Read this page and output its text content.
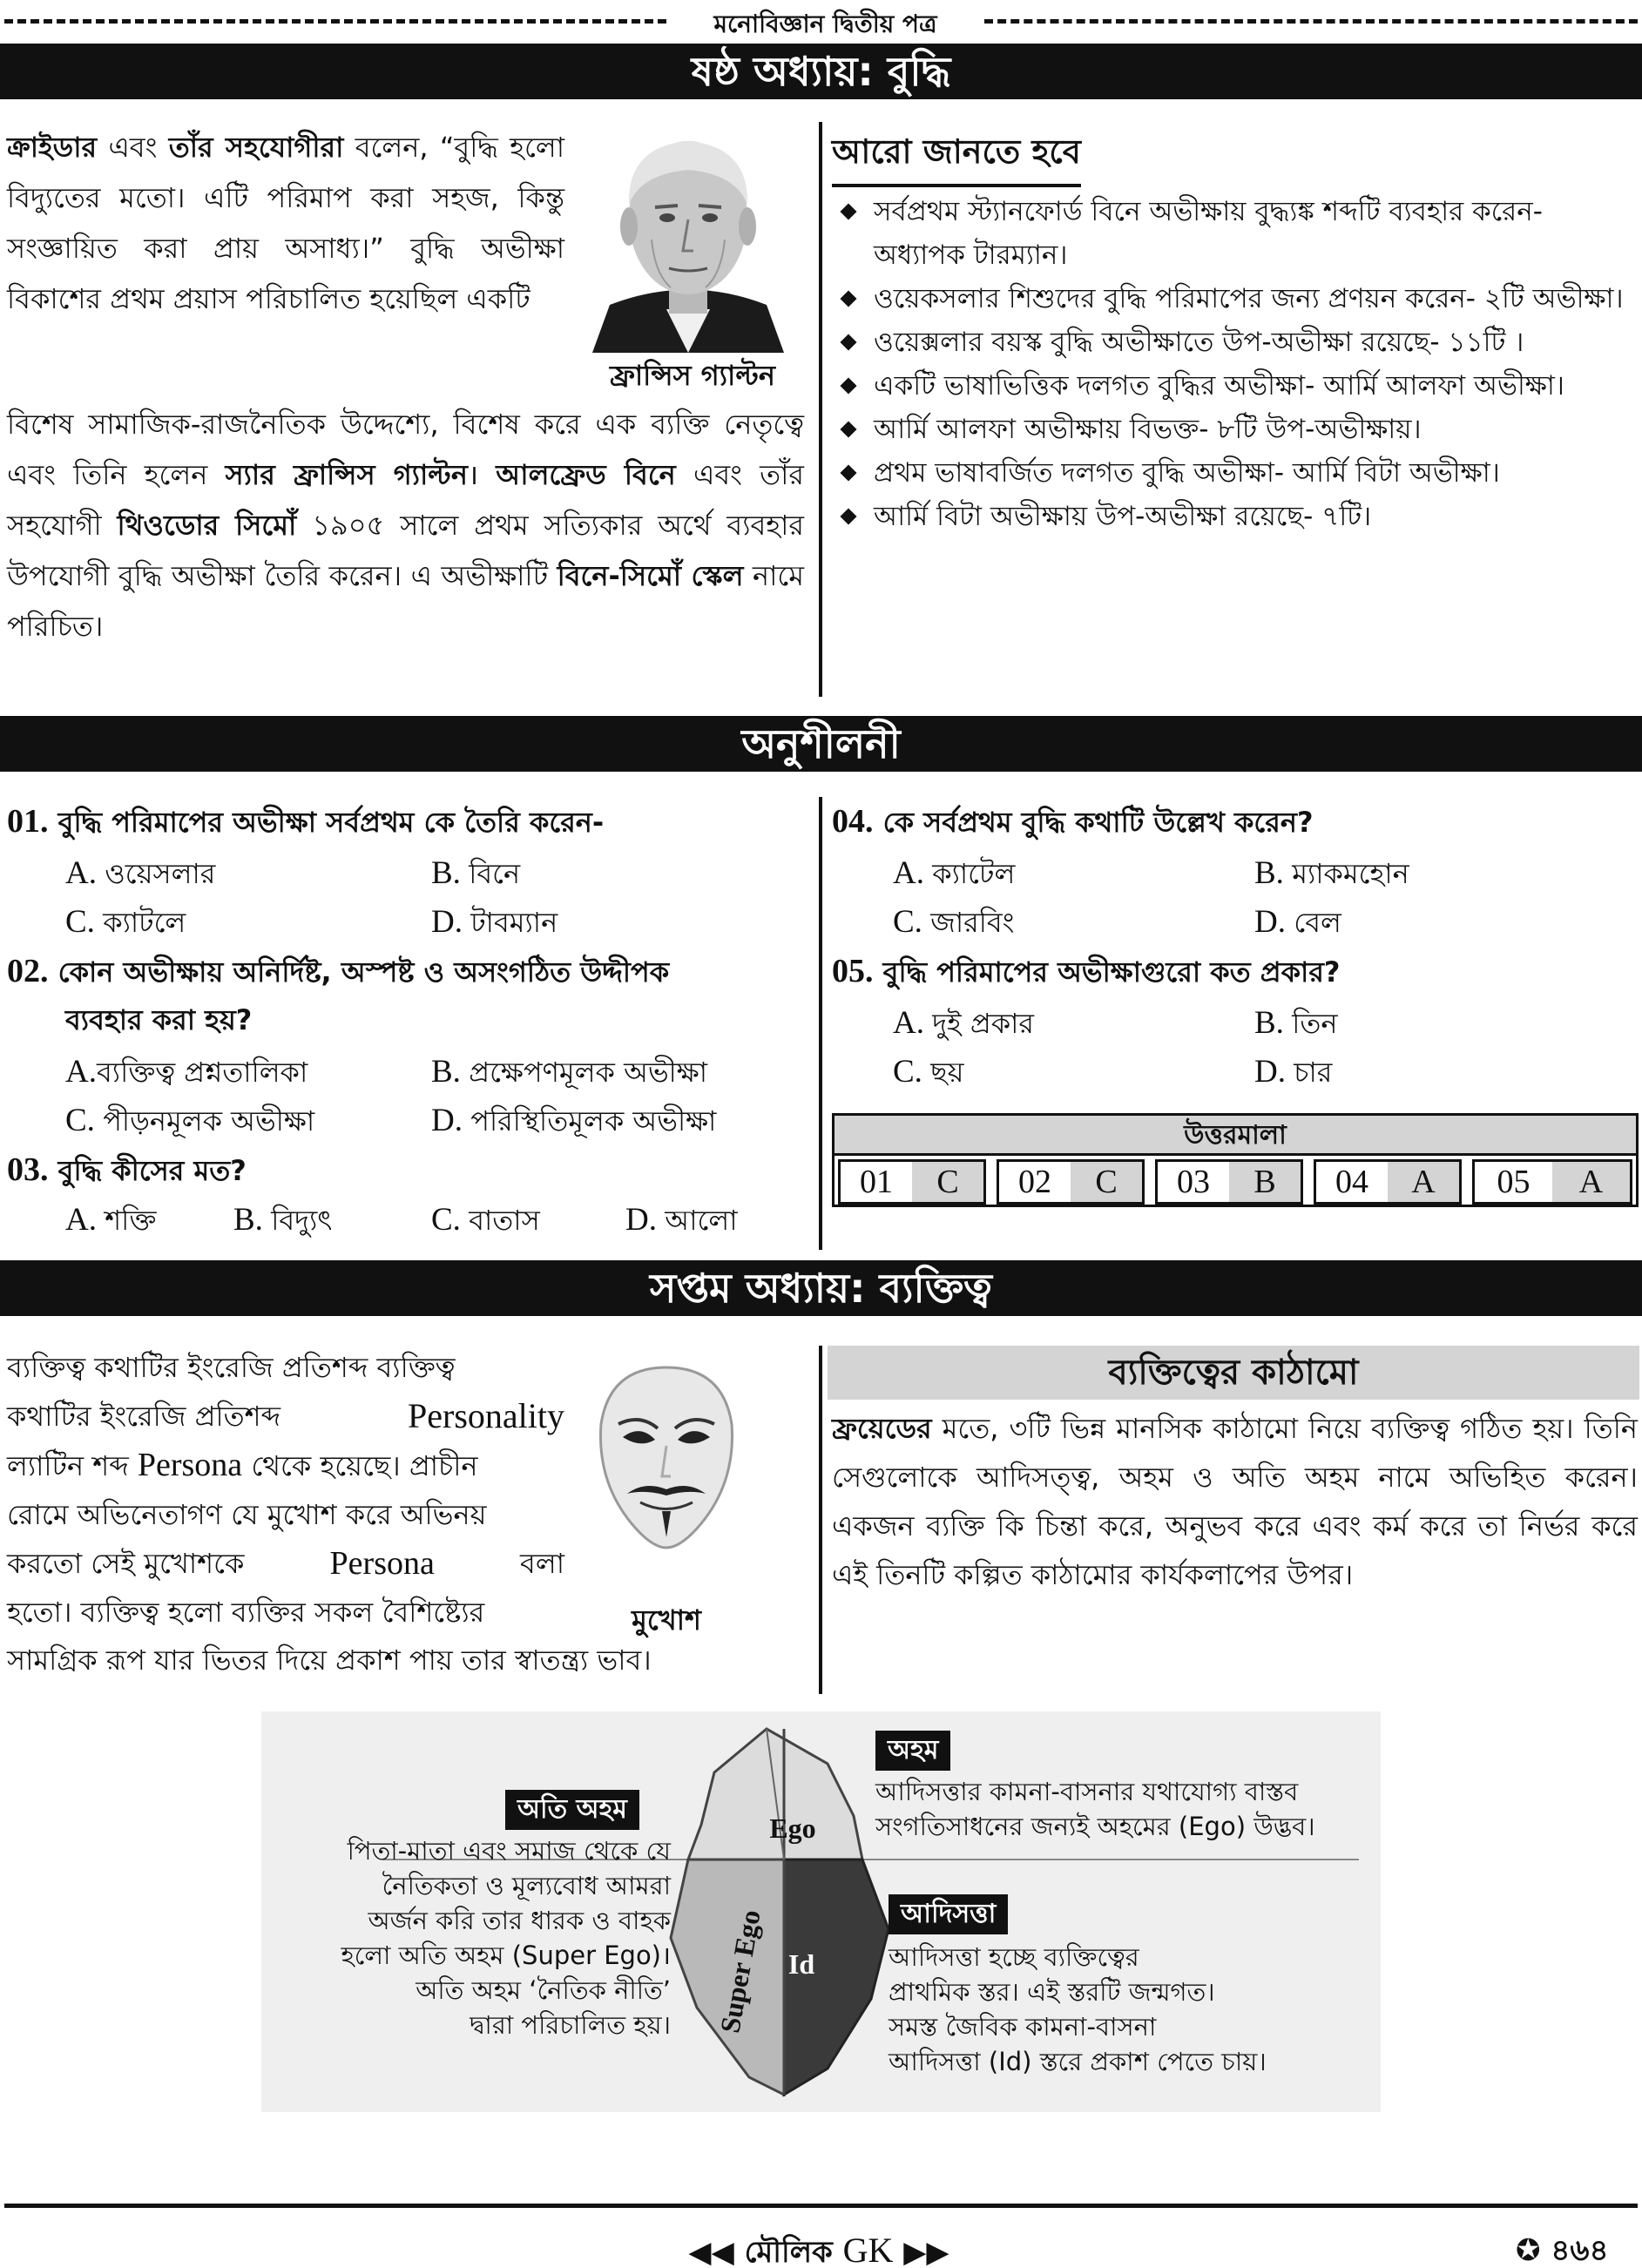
মনোবিজ্ঞান দ্বিতীয় পত্র
ষষ্ঠ অধ্যায়: বুদ্ধি
ক্রাইডার এবং তাঁর সহযোগীরা বলেন, “বুদ্ধি হলো বিদ্যুতের মতো। এটি পরিমাপ করা সহজ, কিন্তু সংজ্ঞায়িত করা প্রায় অসাধ্য।” বুদ্ধি অভীক্ষা বিকাশের প্রথম প্রয়াস পরিচালিত হয়েছিল একটি
ফ্রান্সিস গ্যাল্টন
বিশেষ সামাজিক-রাজনৈতিক উদ্দেশ্যে, বিশেষ করে এক ব্যক্তি নেতৃত্বে এবং তিনি হলেন স্যার ফ্রান্সিস গ্যাল্টন। আলফ্রেড বিনে এবং তাঁর সহযোগী থিওডোর সিমোঁ ১৯০৫ সালে প্রথম সত্যিকার অর্থে ব্যবহার উপযোগী বুদ্ধি অভীক্ষা তৈরি করেন। এ অভীক্ষাটি বিনে-সিমোঁ স্কেল নামে পরিচিত।
আরো জানতে হবে
সর্বপ্রথম স্ট্যানফোর্ড বিনে অভীক্ষায় বুদ্ধ্যঙ্ক শব্দটি ব্যবহার করেন- অধ্যাপক টারম্যান।
ওয়েকসলার শিশুদের বুদ্ধি পরিমাপের জন্য প্রণয়ন করেন- ২টি অভীক্ষা।
ওয়েক্সলার বয়স্ক বুদ্ধি অভীক্ষাতে উপ-অভীক্ষা রয়েছে- ১১টি ।
একটি ভাষাভিত্তিক দলগত বুদ্ধির অভীক্ষা- আর্মি আলফা অভীক্ষা।
আর্মি আলফা অভীক্ষায় বিভক্ত- ৮টি উপ-অভীক্ষায়।
প্রথম ভাষাবর্জিত দলগত বুদ্ধি অভীক্ষা- আর্মি বিটা অভীক্ষা।
আর্মি বিটা অভীক্ষায় উপ-অভীক্ষা রয়েছে- ৭টি।
অনুশীলনী
01. বুদ্ধি পরিমাপের অভীক্ষা সর্বপ্রথম কে তৈরি করেন-
A. ওয়েসলার	B. বিনে
C. ক্যাটলে	D. টাবম্যান
02. কোন অভীক্ষায় অনির্দিষ্ট, অস্পষ্ট ও অসংগঠিত উদ্দীপক
ব্যবহার করা হয়?
A.ব্যক্তিত্ব প্রশ্নতালিকা	B. প্রক্ষেপণমূলক অভীক্ষা
C. পীড়নমূলক অভীক্ষা	D. পরিস্থিতিমূলক অভীক্ষা
03. বুদ্ধি কীসের মত?
A. শক্তি B. বিদ্যুৎ	C. বাতাস	D. আলো
04. কে সর্বপ্রথম বুদ্ধি কথাটি উল্লেখ করেন?
A. ক্যাটেল	B. ম্যাকমহোন
C. জারবিং	D. বেল
05. বুদ্ধি পরিমাপের অভীক্ষাগুরো কত প্রকার?
A. দুই প্রকার	B. তিন
C. ছয়	D. চার
উত্তরমালা
01	C	02	C	03	B	04	A	05	A
সপ্তম অধ্যায়: ব্যক্তিত্ব
ব্যক্তিত্ব কথাটির ইংরেজি প্রতিশব্দ ব্যক্তিত্ব
কথাটির ইংরেজি প্রতিশব্দ	Personality
ল্যাটিন শব্দ Persona থেকে হয়েছে। প্রাচীন
রোমে অভিনেতাগণ যে মুখোশ করে অভিনয়
করতো সেই মুখোশকে	Persona	বলা
হতো। ব্যক্তিত্ব হলো ব্যক্তির সকল বৈশিষ্ট্যের
সামগ্রিক রূপ যার ভিতর দিয়ে প্রকাশ পায় তার স্বাতন্ত্র্য ভাব।
মুখোশ
ব্যক্তিত্বের কাঠামো
ফ্রয়েডের মতে, ৩টি ভিন্ন মানসিক কাঠামো নিয়ে ব্যক্তিত্ব গঠিত হয়। তিনি সেগুলোকে আদিসত্ত্ব, অহম ও অতি অহম নামে অভিহিত করেন। একজন ব্যক্তি কি চিন্তা করে, অনুভব করে এবং কর্ম করে তা নির্ভর করে এই তিনটি কল্পিত কাঠামোর কার্যকলাপের উপর।
Ego
Super Ego Id
অতি অহম
পিতা-মাতা এবং সমাজ থেকে যে
নৈতিকতা ও মূল্যবোধ আমরা
অর্জন করি তার ধারক ও বাহক
হলো অতি অহম (Super Ego)।
অতি অহম ‘নৈতিক নীতি’
দ্বারা পরিচালিত হয়।
অহম
আদিসত্তার কামনা-বাসনার যথাযোগ্য বাস্তব
সংগতিসাধনের জন্যই অহমের (Ego) উদ্ভব।
আদিসত্তা
আদিসত্তা হচ্ছে ব্যক্তিত্বের
প্রাথমিক স্তর। এই স্তরটি জন্মগত।
সমস্ত জৈবিক কামনা-বাসনা
আদিসত্তা (Id) স্তরে প্রকাশ পেতে চায়।
◀◀ মৌলিক GK ▶▶	✪ ৪৬৪
